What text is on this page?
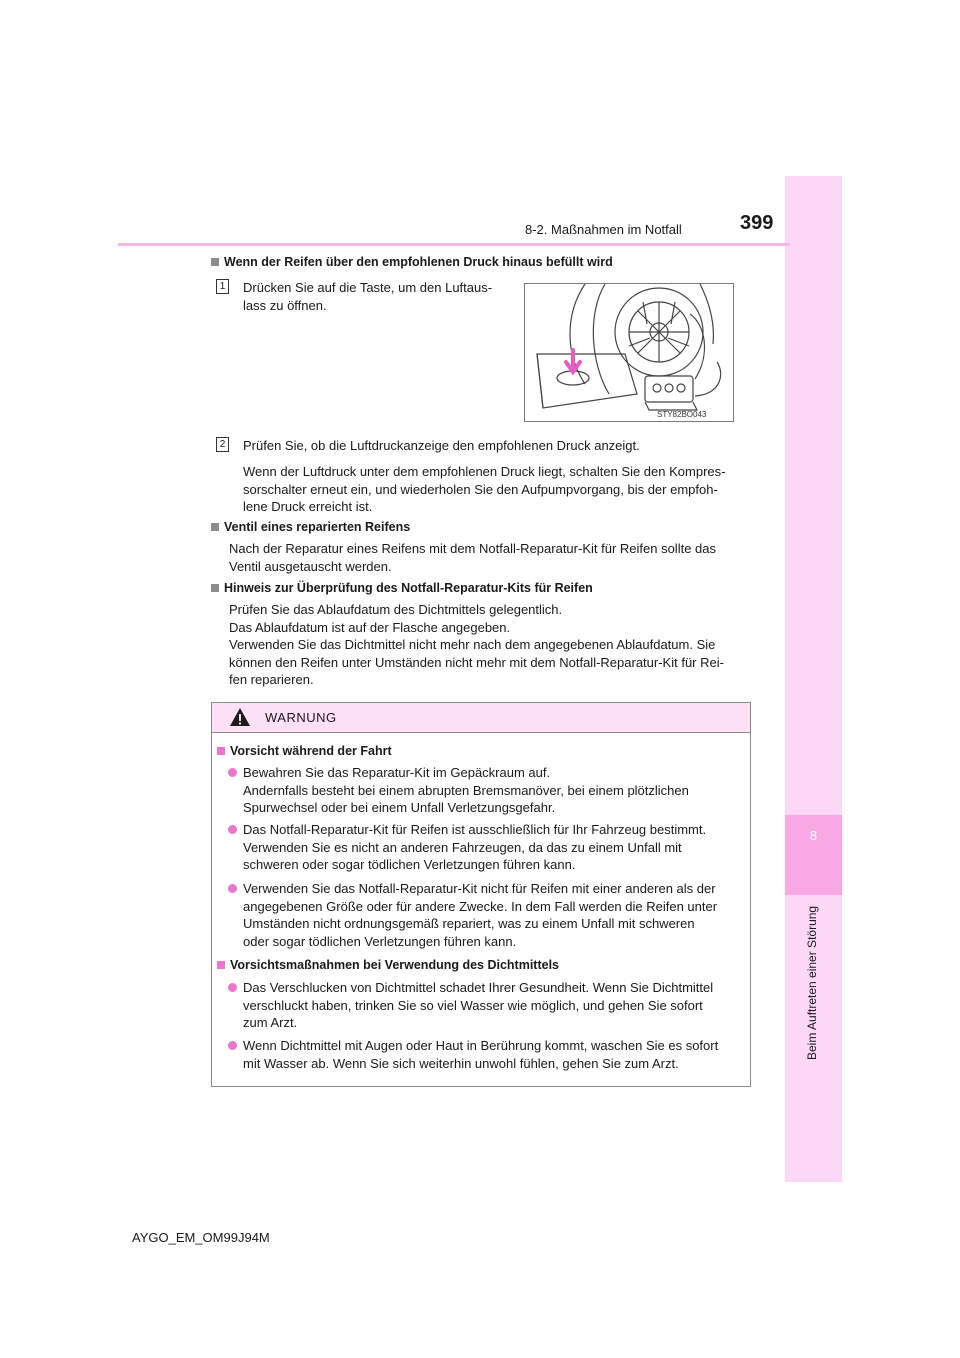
8
Beim Auftreten einer Störung
8-2. Maßnahmen im Notfall	399
Wenn der Reifen über den empfohlenen Druck hinaus befüllt wird
1 Drücken Sie auf die Taste, um den Luftaus-
lass zu öffnen.
STY82BO043
2 Prüfen Sie, ob die Luftdruckanzeige den empfohlenen Druck anzeigt.
Wenn der Luftdruck unter dem empfohlenen Druck liegt, schalten Sie den Kompres-
sorschalter erneut ein, und wiederholen Sie den Aufpumpvorgang, bis der empfoh-
lene Druck erreicht ist.
Ventil eines reparierten Reifens
Nach der Reparatur eines Reifens mit dem Notfall-Reparatur-Kit für Reifen sollte das
Ventil ausgetauscht werden.
Hinweis zur Überprüfung des Notfall-Reparatur-Kits für Reifen
Prüfen Sie das Ablaufdatum des Dichtmittels gelegentlich.
Das Ablaufdatum ist auf der Flasche angegeben.
Verwenden Sie das Dichtmittel nicht mehr nach dem angegebenen Ablaufdatum. Sie
können den Reifen unter Umständen nicht mehr mit dem Notfall-Reparatur-Kit für Rei-
fen reparieren.
WARNUNG
Vorsicht während der Fahrt
Bewahren Sie das Reparatur-Kit im Gepäckraum auf.
Andernfalls besteht bei einem abrupten Bremsmanöver, bei einem plötzlichen
Spurwechsel oder bei einem Unfall Verletzungsgefahr.
Das Notfall-Reparatur-Kit für Reifen ist ausschließlich für Ihr Fahrzeug bestimmt.
Verwenden Sie es nicht an anderen Fahrzeugen, da das zu einem Unfall mit
schweren oder sogar tödlichen Verletzungen führen kann.
Verwenden Sie das Notfall-Reparatur-Kit nicht für Reifen mit einer anderen als der
angegebenen Größe oder für andere Zwecke. In dem Fall werden die Reifen unter
Umständen nicht ordnungsgemäß repariert, was zu einem Unfall mit schweren
oder sogar tödlichen Verletzungen führen kann.
Vorsichtsmaßnahmen bei Verwendung des Dichtmittels
Das Verschlucken von Dichtmittel schadet Ihrer Gesundheit. Wenn Sie Dichtmittel
verschluckt haben, trinken Sie so viel Wasser wie möglich, und gehen Sie sofort
zum Arzt.
Wenn Dichtmittel mit Augen oder Haut in Berührung kommt, waschen Sie es sofort
mit Wasser ab. Wenn Sie sich weiterhin unwohl fühlen, gehen Sie zum Arzt.
AYGO_EM_OM99J94M
